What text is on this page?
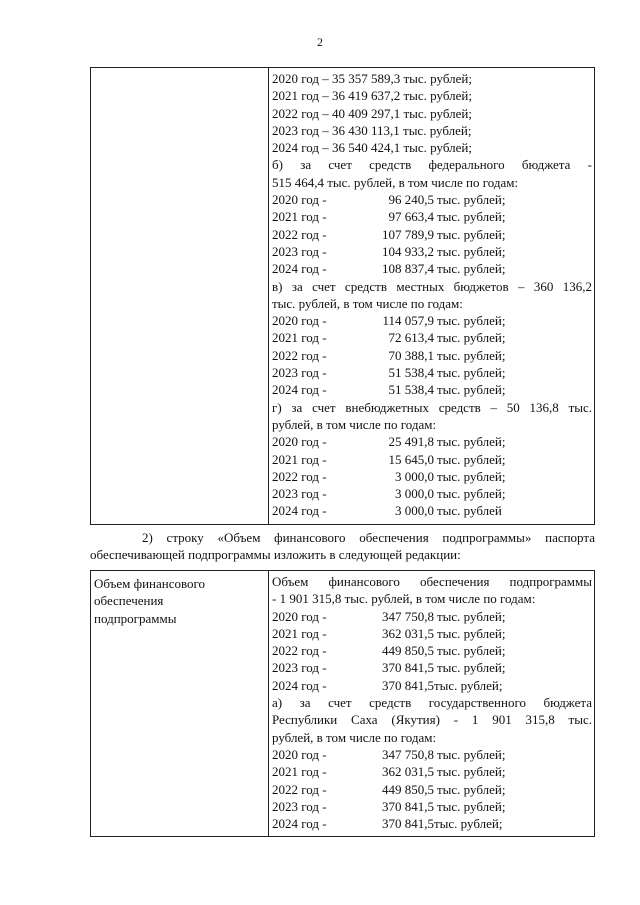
2

2020 год – 35 357 589,3 тыс. рублей;
2021 год – 36 419 637,2 тыс. рублей;
2022 год – 40 409 297,1 тыс. рублей;
2023 год – 36 430 113,1 тыс. рублей;
2024 год – 36 540 424,1 тыс. рублей;
б) за счет средств федерального бюджета -
515 464,4 тыс. рублей, в том числе по годам:
2020 год -	96 240,5 тыс. рублей;
2021 год -	97 663,4 тыс. рублей;
2022 год -	107 789,9 тыс. рублей;
2023 год -	104 933,2 тыс. рублей;
2024 год -	108 837,4 тыс. рублей;
в) за счет средств местных бюджетов – 360 136,2
тыс. рублей, в том числе по годам:
2020 год -	114 057,9 тыс. рублей;
2021 год -	72 613,4 тыс. рублей;
2022 год -	70 388,1 тыс. рублей;
2023 год -	51 538,4 тыс. рублей;
2024 год -	51 538,4 тыс. рублей;
г) за счет внебюджетных средств – 50 136,8 тыс.
рублей, в том числе по годам:
2020 год -	25 491,8 тыс. рублей;
2021 год -	15 645,0 тыс. рублей;
2022 год -	3 000,0 тыс. рублей;
2023 год -	3 000,0 тыс. рублей;
2024 год -	3 000,0 тыс. рублей
2) строку «Объем финансового обеспечения подпрограммы» паспорта
обеспечивающей подпрограммы изложить в следующей редакции:
Объем финансового
обеспечения
подпрограммы

Объем финансового обеспечения подпрограммы
- 1 901 315,8 тыс. рублей, в том числе по годам:
2020 год -	347 750,8 тыс. рублей;
2021 год -	362 031,5 тыс. рублей;
2022 год -	449 850,5 тыс. рублей;
2023 год -	370 841,5 тыс. рублей;
2024 год -	370 841,5тыс. рублей;
а) за счет средств государственного бюджета
Республики Саха (Якутия) - 1 901 315,8 тыс.
рублей, в том числе по годам:
2020 год -	347 750,8 тыс. рублей;
2021 год -	362 031,5 тыс. рублей;
2022 год -	449 850,5 тыс. рублей;
2023 год -	370 841,5 тыс. рублей;
2024 год -	370 841,5тыс. рублей;
